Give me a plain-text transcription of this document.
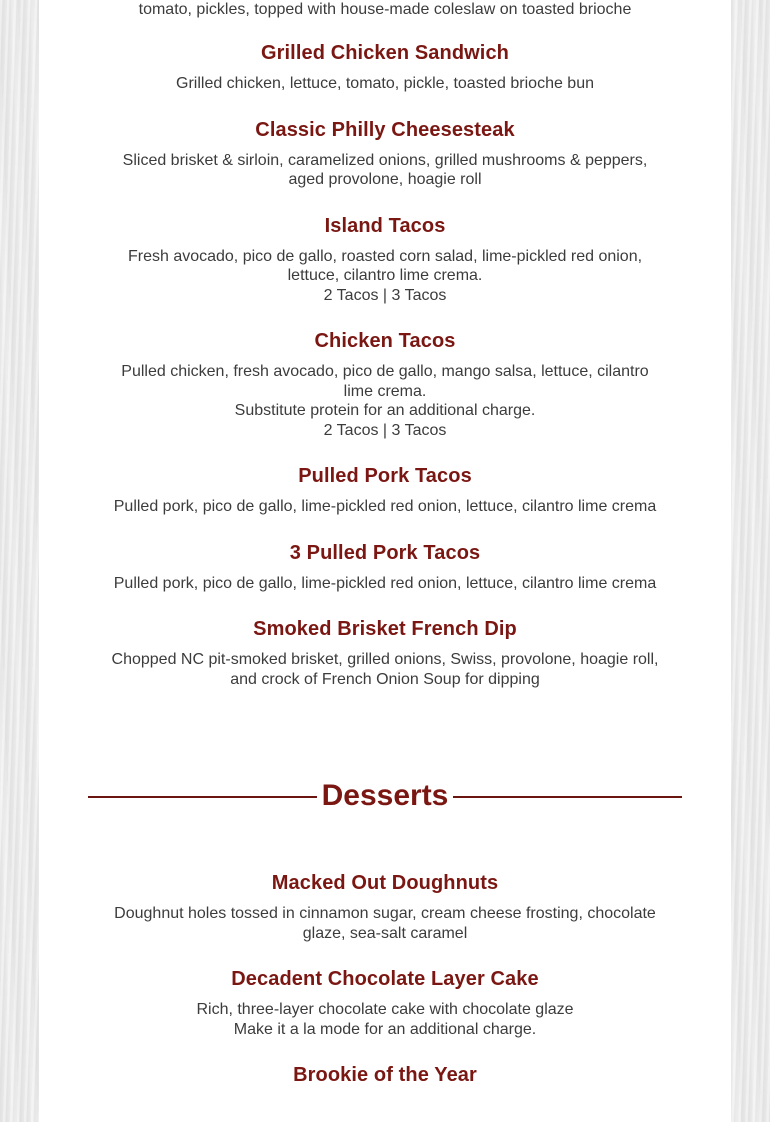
tomato, pickles, topped with house-made coleslaw on toasted brioche

Grilled Chicken Sandwich

Grilled chicken, lettuce, tomato, pickle, toasted brioche bun

Classic Philly Cheesesteak

Sliced brisket & sirloin, caramelized onions, grilled mushrooms & peppers,
aged provolone, hoagie roll

Island Tacos

Fresh avocado, pico de gallo, roasted corn salad, lime-pickled red onion,
lettuce, cilantro lime crema.
2 Tacos | 3 Tacos

Chicken Tacos

Pulled chicken, fresh avocado, pico de gallo, mango salsa, lettuce, cilantro
lime crema.
Substitute protein for an additional charge.
2 Tacos | 3 Tacos

Pulled Pork Tacos

Pulled pork, pico de gallo, lime-pickled red onion, lettuce, cilantro lime crema

3 Pulled Pork Tacos

Pulled pork, pico de gallo, lime-pickled red onion, lettuce, cilantro lime crema

Smoked Brisket French Dip

Chopped NC pit-smoked brisket, grilled onions, Swiss, provolone, hoagie roll,
and crock of French Onion Soup for dipping

Desserts
Macked Out Doughnuts

Doughnut holes tossed in cinnamon sugar, cream cheese frosting, chocolate
glaze, sea-salt caramel

Decadent Chocolate Layer Cake

Rich, three-layer chocolate cake with chocolate glaze
Make it a la mode for an additional charge.

Brookie of the Year
